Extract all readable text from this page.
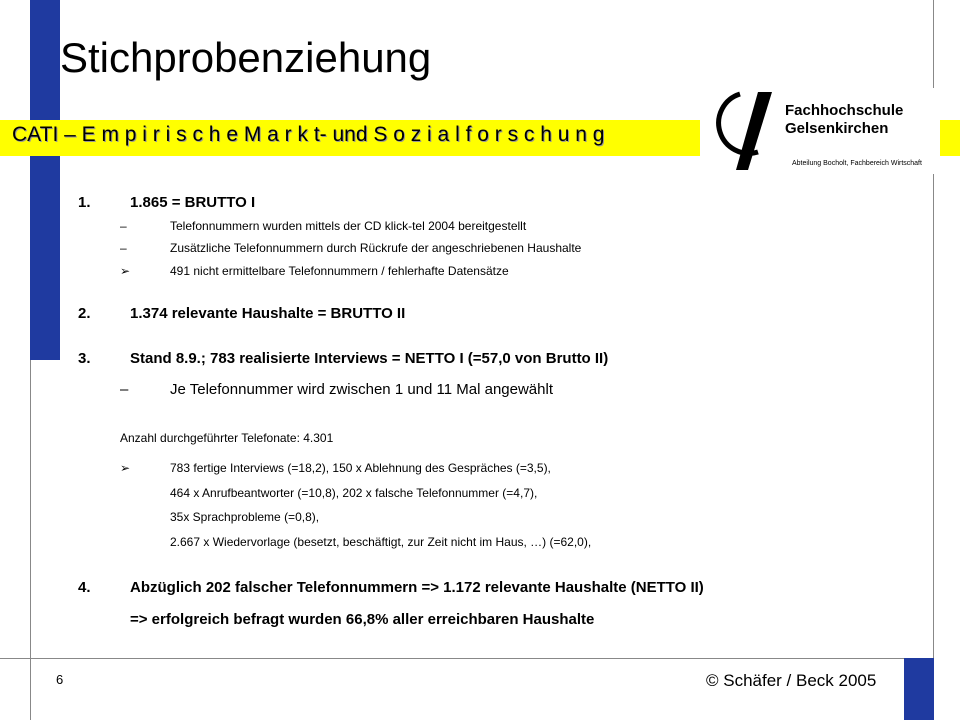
Stichprobenziehung
CATI – E m p i r i s c h e M a r k t- und S o z i a l f o r s c h u n g
Fachhochschule
Gelsenkirchen
Abteilung Bocholt, Fachbereich Wirtschaft
1.	1.865 = BRUTTO I
–	Telefonnummern wurden mittels der CD klick-tel 2004 bereitgestellt
–	Zusätzliche Telefonnummern durch Rückrufe der angeschriebenen Haushalte
➢	491 nicht ermittelbare Telefonnummern / fehlerhafte Datensätze
2.	1.374 relevante Haushalte = BRUTTO II
3.	Stand 8.9.; 783 realisierte Interviews = NETTO I (=57,0 von Brutto II)
–	Je Telefonnummer wird zwischen 1 und 11 Mal angewählt
Anzahl durchgeführter Telefonate: 4.301
➢	783 fertige Interviews (=18,2), 150 x Ablehnung des Gespräches (=3,5),
464 x Anrufbeantworter (=10,8), 202 x falsche Telefonnummer (=4,7),
35x Sprachprobleme (=0,8),
2.667 x Wiedervorlage (besetzt, beschäftigt, zur Zeit nicht im Haus, …) (=62,0),
4.	Abzüglich 202 falscher Telefonnummern => 1.172 relevante Haushalte (NETTO II)
=> erfolgreich befragt wurden 66,8% aller erreichbaren Haushalte
6	© Schäfer / Beck 2005
